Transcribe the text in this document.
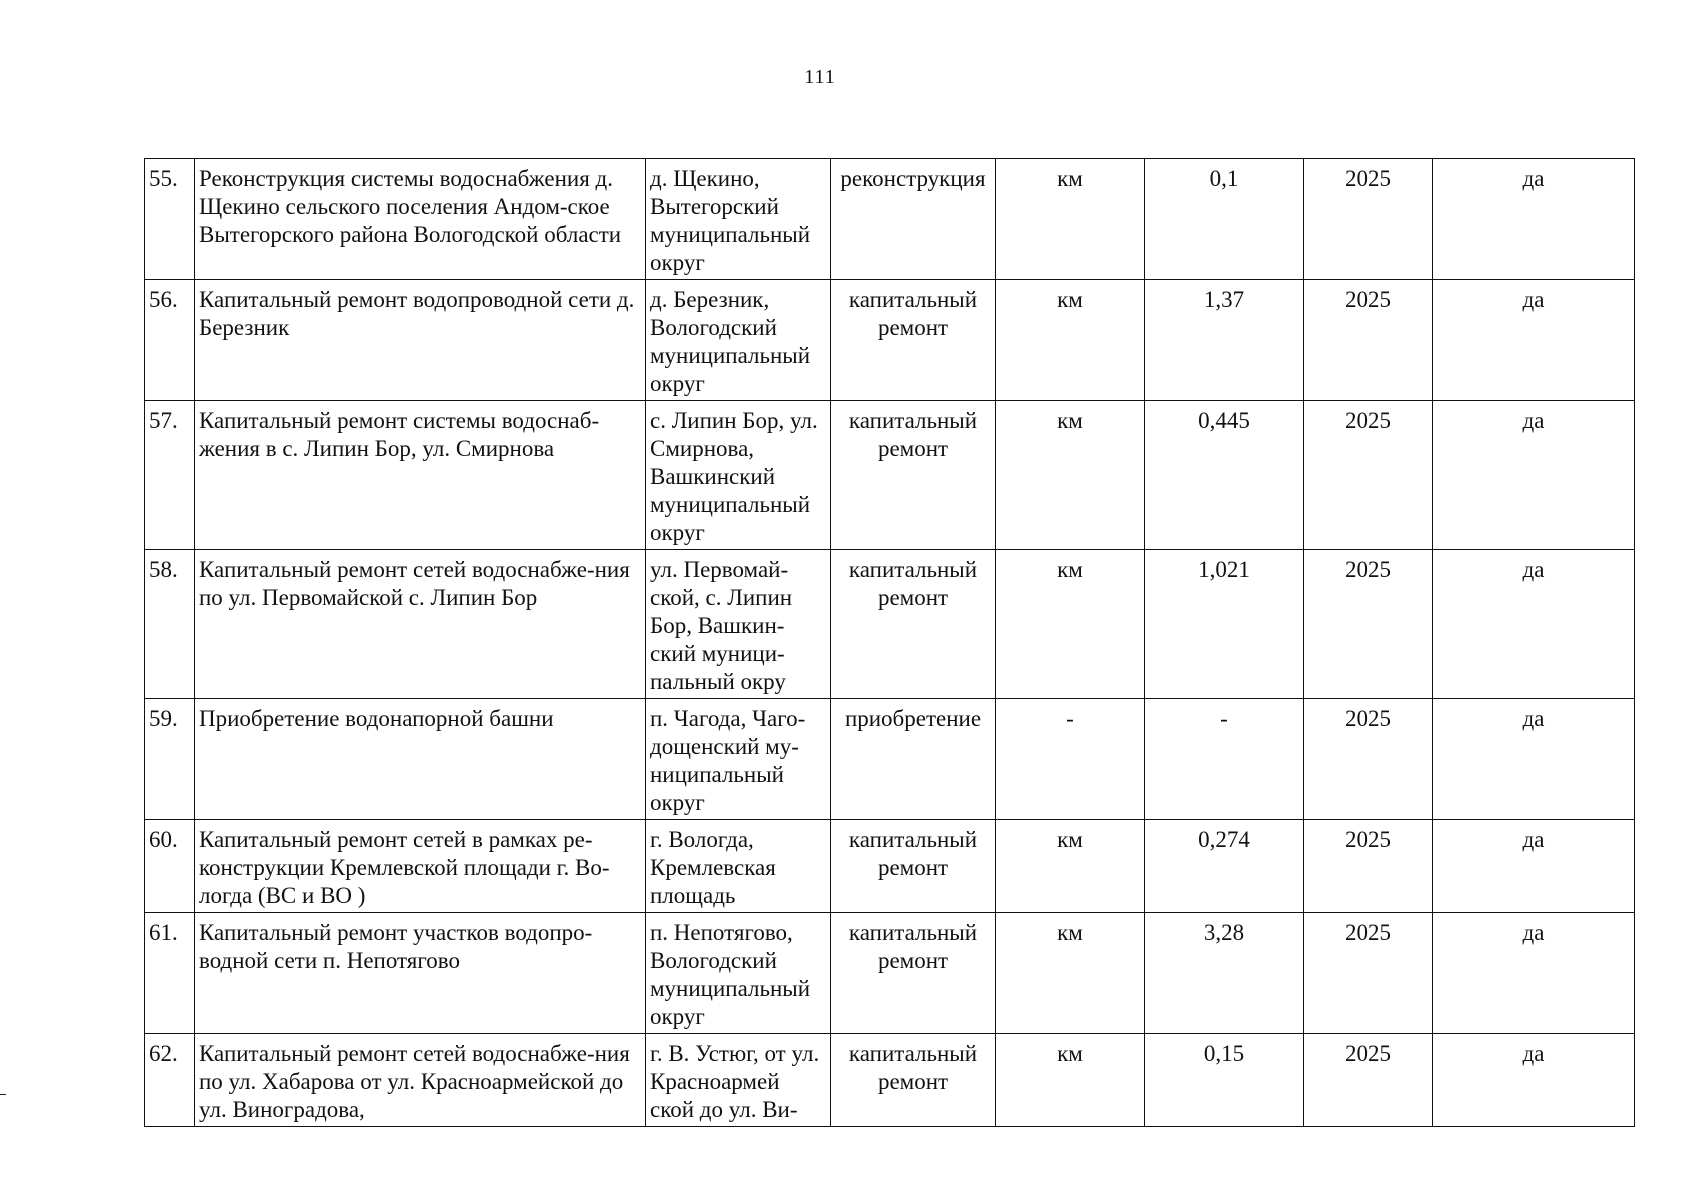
111
55.	Реконструкция системы водоснабжения д. Щекино сельского поселения Андом-ское Вытегорского района Вологодской области	д. Щекино, Вытегорский муниципальный округ	реконструкция	км	0,1	2025	да
56.	Капитальный ремонт водопроводной сети д. Березник	д. Березник, Вологодский муниципальный округ	капитальный ремонт	км	1,37	2025	да
57.	Капитальный ремонт системы водоснаб-жения в с. Липин Бор, ул. Смирнова	с. Липин Бор, ул. Смирнова, Вашкинский муниципальный округ	капитальный ремонт	км	0,445	2025	да
58.	Капитальный ремонт сетей водоснабже-ния по ул. Первомайской с. Липин Бор	ул. Первомай-ской, с. Липин Бор, Вашкин-ский муници-пальный окру	капитальный ремонт	км	1,021	2025	да
59.	Приобретение водонапорной башни	п. Чагода, Чаго-дощенский му-ниципальный округ	приобретение	-	-	2025	да
60.	Капитальный ремонт сетей в рамках ре-конструкции Кремлевской площади г. Во-логда (ВС и ВО )	г. Вологда, Кремлевская площадь	капитальный ремонт	км	0,274	2025	да
61.	Капитальный ремонт участков водопро-водной сети п. Непотягово	п. Непотягово, Вологодский муниципальный округ	капитальный ремонт	км	3,28	2025	да
62.	Капитальный ремонт сетей водоснабже-ния по ул. Хабарова от ул. Красноармейской до ул. Виноградова,	г. В. Устюг, от ул. Красноармей ской до ул. Ви-	капитальный ремонт	км	0,15	2025	да
